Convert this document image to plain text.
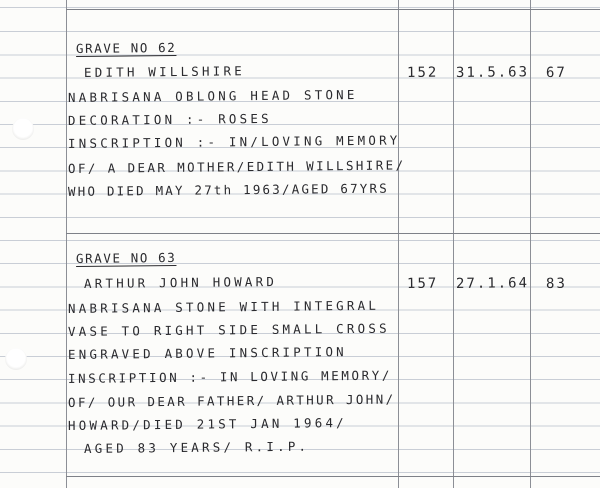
GRAVE NO 62
EDITH WILLSHIRE
NABRISANA OBLONG HEAD STONE
DECORATION :- ROSES
INSCRIPTION :- IN/LOVING MEMORY
OF/ A DEAR MOTHER/EDITH WILLSHIRE/
WHO DIED MAY 27th 1963/AGED 67YRS
152 31.5.63 67
GRAVE NO 63
ARTHUR JOHN HOWARD
NABRISANA STONE WITH INTEGRAL
VASE TO RIGHT SIDE SMALL CROSS
ENGRAVED ABOVE INSCRIPTION
INSCRIPTION :- IN LOVING MEMORY/
OF/ OUR DEAR FATHER/ ARTHUR JOHN/
HOWARD/DIED 21ST JAN 1964/
AGED 83 YEARS/ R.I.P.
157 27.1.64 83
